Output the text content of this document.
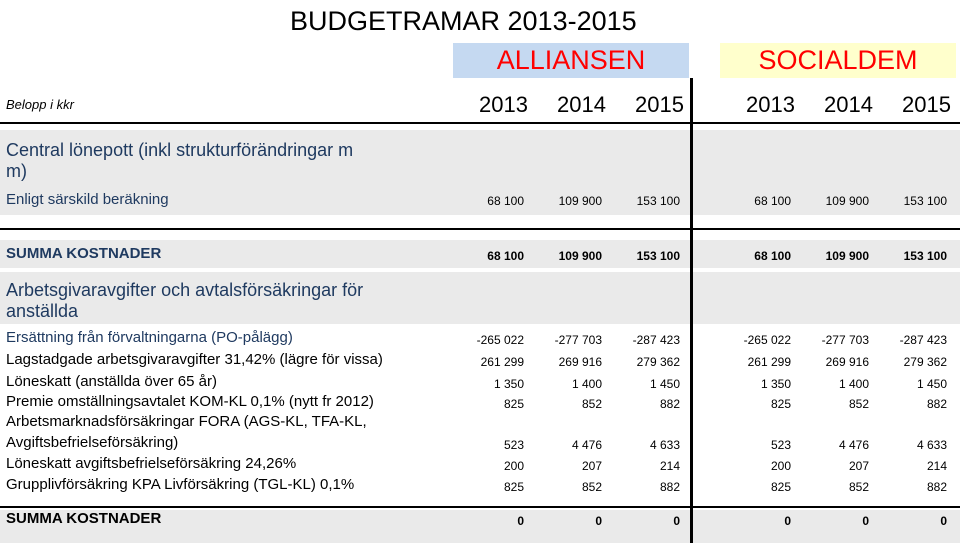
BUDGETRAMAR 2013-2015
ALLIANSEN	SOCIALDEM
Belopp i kkr	2013	2014	2015	2013	2014	2015
Central lönepott (inkl strukturförändringar m
m)
Enligt särskild beräkning	68 100	109 900	153 100	68 100	109 900	153 100
SUMMA KOSTNADER	68 100	109 900	153 100	68 100	109 900	153 100
Arbetsgivaravgifter och avtalsförsäkringar för
anställda
Ersättning från förvaltningarna (PO-pålägg)	-265 022	-277 703	-287 423	-265 022	-277 703	-287 423
Lagstadgade arbetsgivaravgifter 31,42% (lägre för vissa)	261 299	269 916	279 362	261 299	269 916	279 362
Löneskatt (anställda över 65 år)	1 350	1 400	1 450	1 350	1 400	1 450
Premie omställningsavtalet KOM-KL 0,1% (nytt fr 2012)	825	852	882	825	852	882
Arbetsmarknadsförsäkringar FORA (AGS-KL, TFA-KL,
Avgiftsbefrielseförsäkring)	523	4 476	4 633	523	4 476	4 633
Löneskatt avgiftsbefrielseförsäkring 24,26%	200	207	214	200	207	214
Grupplivförsäkring KPA Livförsäkring (TGL-KL) 0,1%	825	852	882	825	852	882
SUMMA KOSTNADER	0	0	0	0	0	0
